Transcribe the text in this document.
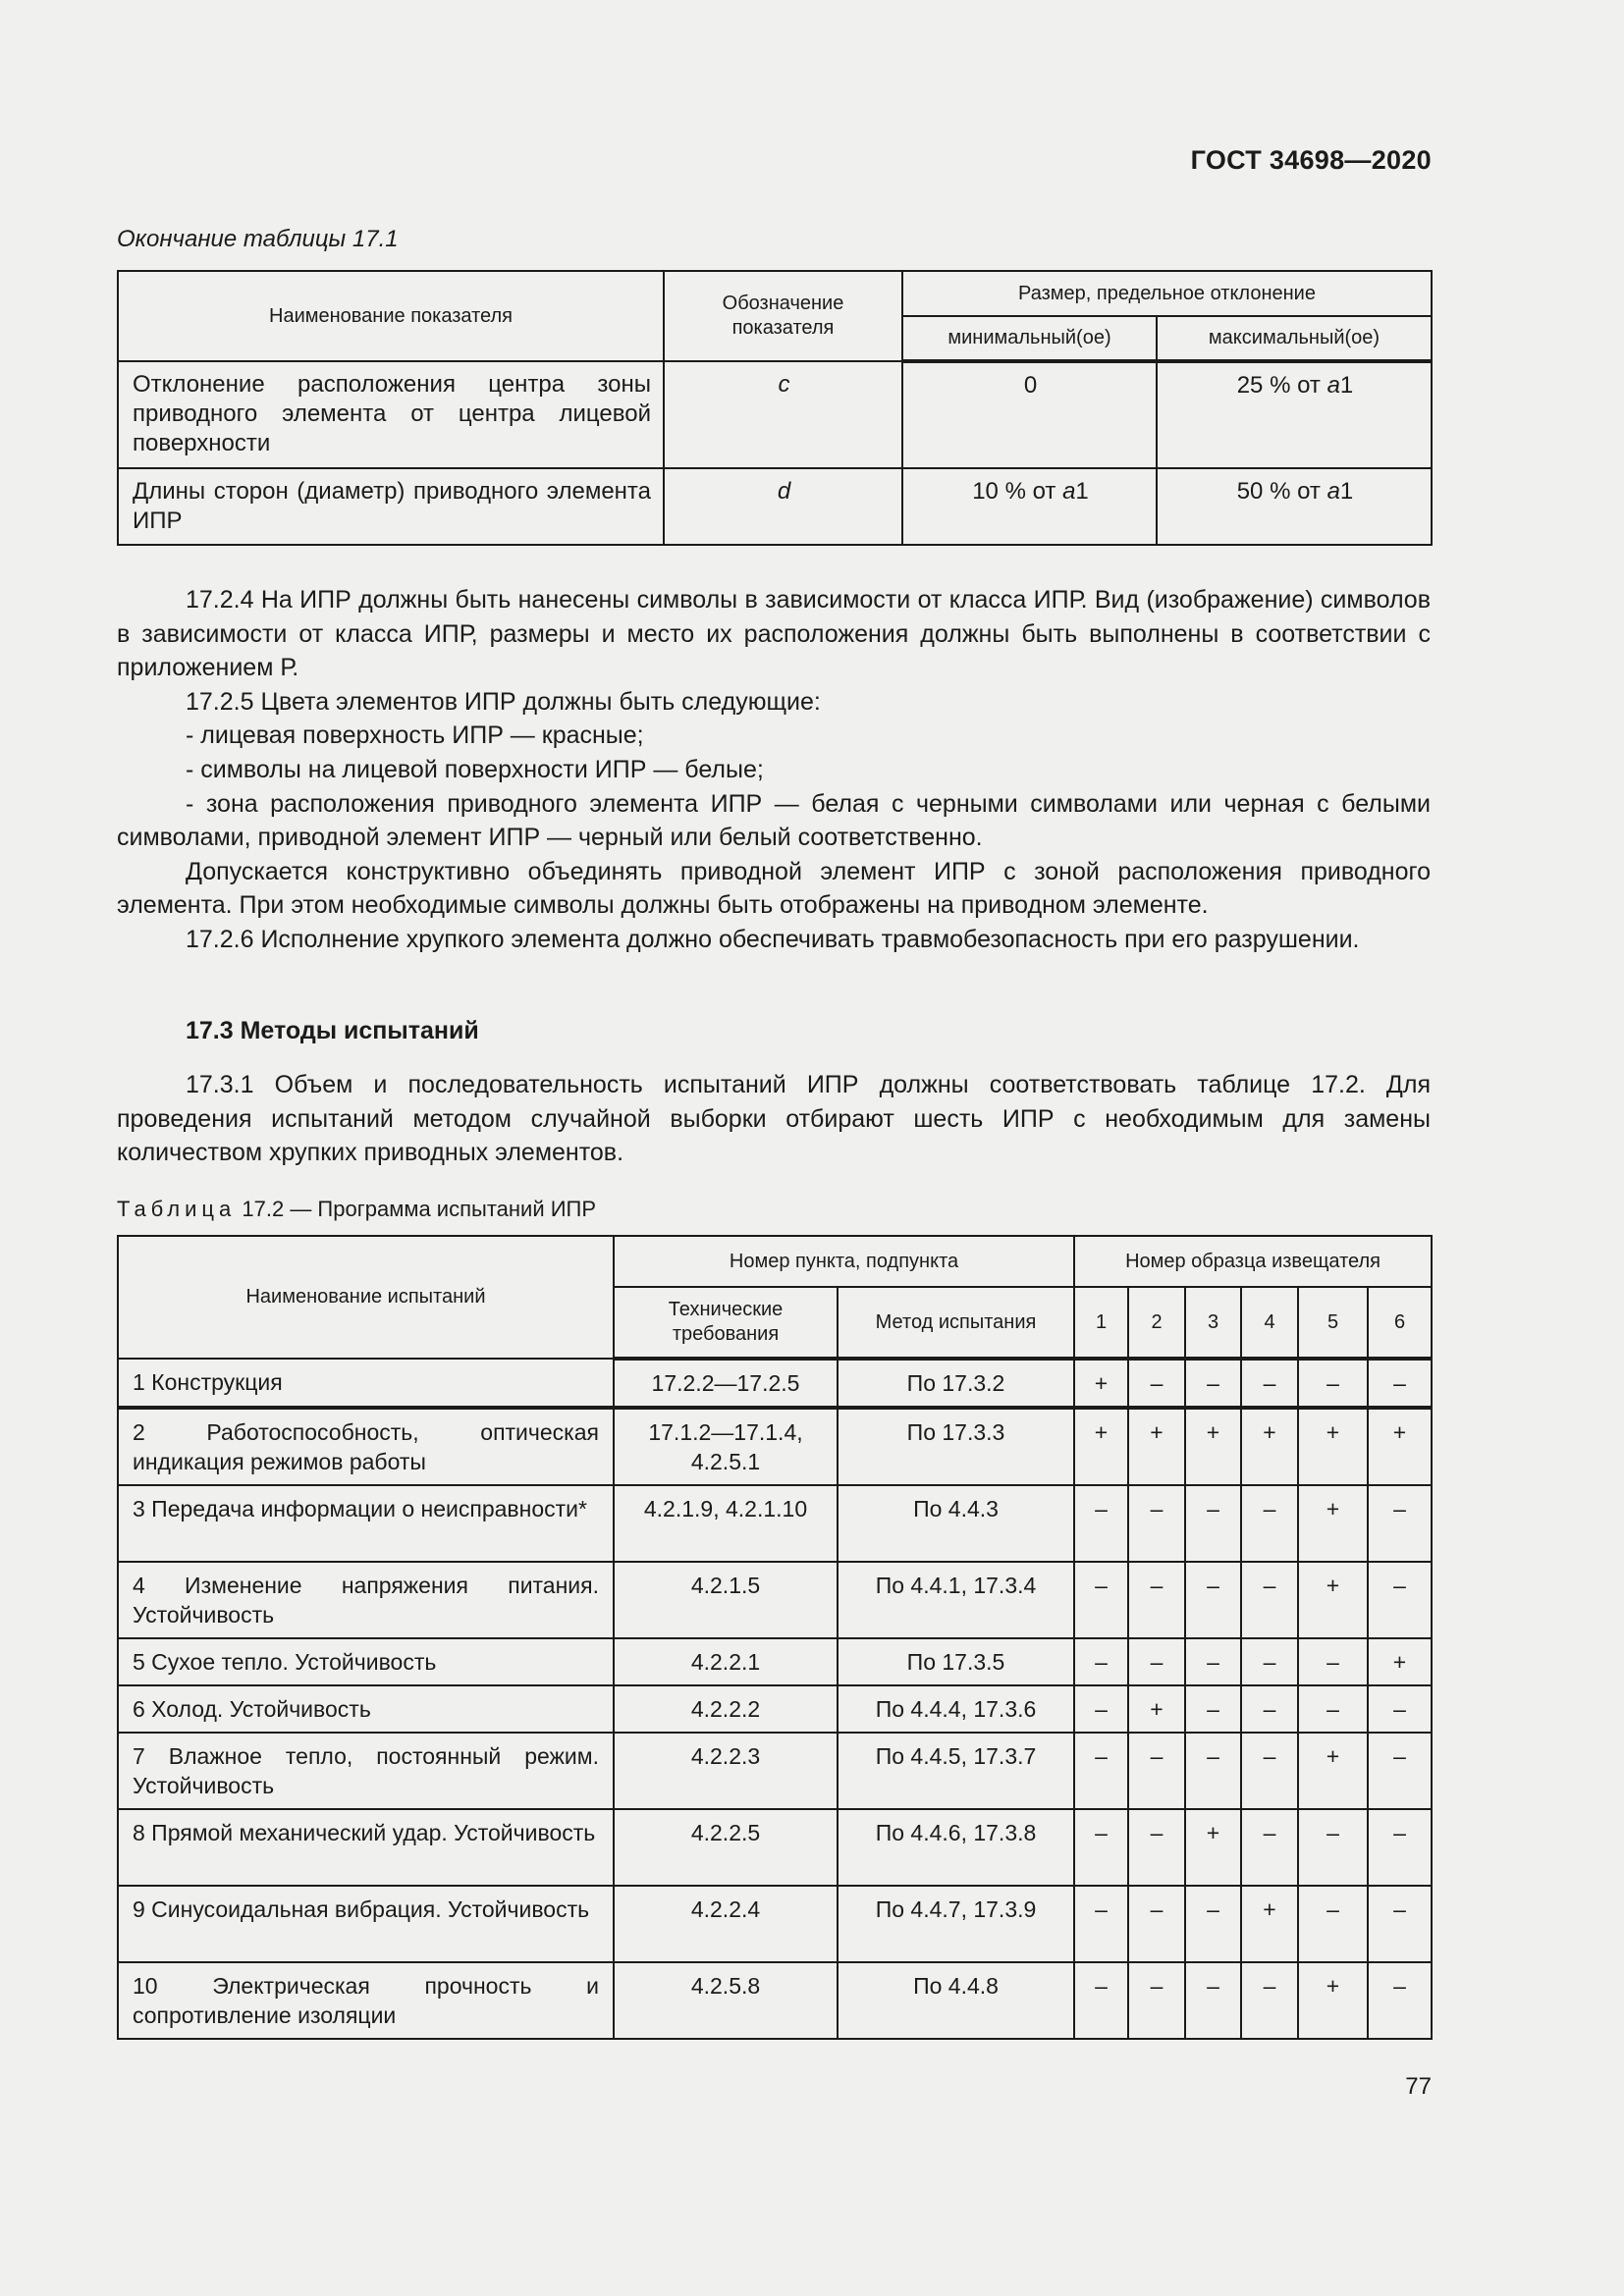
ГОСТ 34698—2020
Окончание таблицы 17.1
Наименование показателя	Обозначение показателя	Размер, предельное отклонение	
		минимальный(ое)	максимальный(ое)
Отклонение расположения центра зоны приводного элемента от центра лицевой поверхности	c	0	25 % от a1
Длины сторон (диаметр) приводного элемента ИПР	d	10 % от a1	50 % от a1

17.2.4 На ИПР должны быть нанесены символы в зависимости от класса ИПР. Вид (изображение) символов в зависимости от класса ИПР, размеры и место их расположения должны быть выполнены в соответствии с приложением Р.

17.2.5 Цвета элементов ИПР должны быть следующие:

- лицевая поверхность ИПР — красные;

- символы на лицевой поверхности ИПР — белые;

- зона расположения приводного элемента ИПР — белая с черными символами или черная с белыми символами, приводной элемент ИПР — черный или белый соответственно.

Допускается конструктивно объединять приводной элемент ИПР с зоной расположения приводного элемента. При этом необходимые символы должны быть отображены на приводном элементе.

17.2.6 Исполнение хрупкого элемента должно обеспечивать травмобезопасность при его разрушении.

17.3 Методы испытаний

17.3.1 Объем и последовательность испытаний ИПР должны соответствовать таблице 17.2. Для проведения испытаний методом случайной выборки отбирают шесть ИПР с необходимым для замены количеством хрупких приводных элементов.

Таблица 17.2 — Программа испытаний ИПР
Наименование испытаний	Номер пункта, подпункта		Номер образца извещателя					
	Технические требования	Метод испытания	1	2	3	4	5	6
1 Конструкция	17.2.2—17.2.5	По 17.3.2	+	–	–	–	–	–
2 Работоспособность, оптическая индикация режимов работы	17.1.2—17.1.4, 4.2.5.1	По 17.3.3	+	+	+	+	+	+
3 Передача информации о неисправности*	4.2.1.9, 4.2.1.10	По 4.4.3	–	–	–	–	+	–
4 Изменение напряжения питания. Устойчивость	4.2.1.5	По 4.4.1, 17.3.4	–	–	–	–	+	–
5 Сухое тепло. Устойчивость	4.2.2.1	По 17.3.5	–	–	–	–	–	+
6 Холод. Устойчивость	4.2.2.2	По 4.4.4, 17.3.6	–	+	–	–	–	–
7 Влажное тепло, постоянный режим. Устойчивость	4.2.2.3	По 4.4.5, 17.3.7	–	–	–	–	+	–
8 Прямой механический удар. Устойчивость	4.2.2.5	По 4.4.6, 17.3.8	–	–	+	–	–	–
9 Синусоидальная вибрация. Устойчивость	4.2.2.4	По 4.4.7, 17.3.9	–	–	–	+	–	–
10 Электрическая прочность и сопротивление изоляции	4.2.5.8	По 4.4.8	–	–	–	–	+	–
77
